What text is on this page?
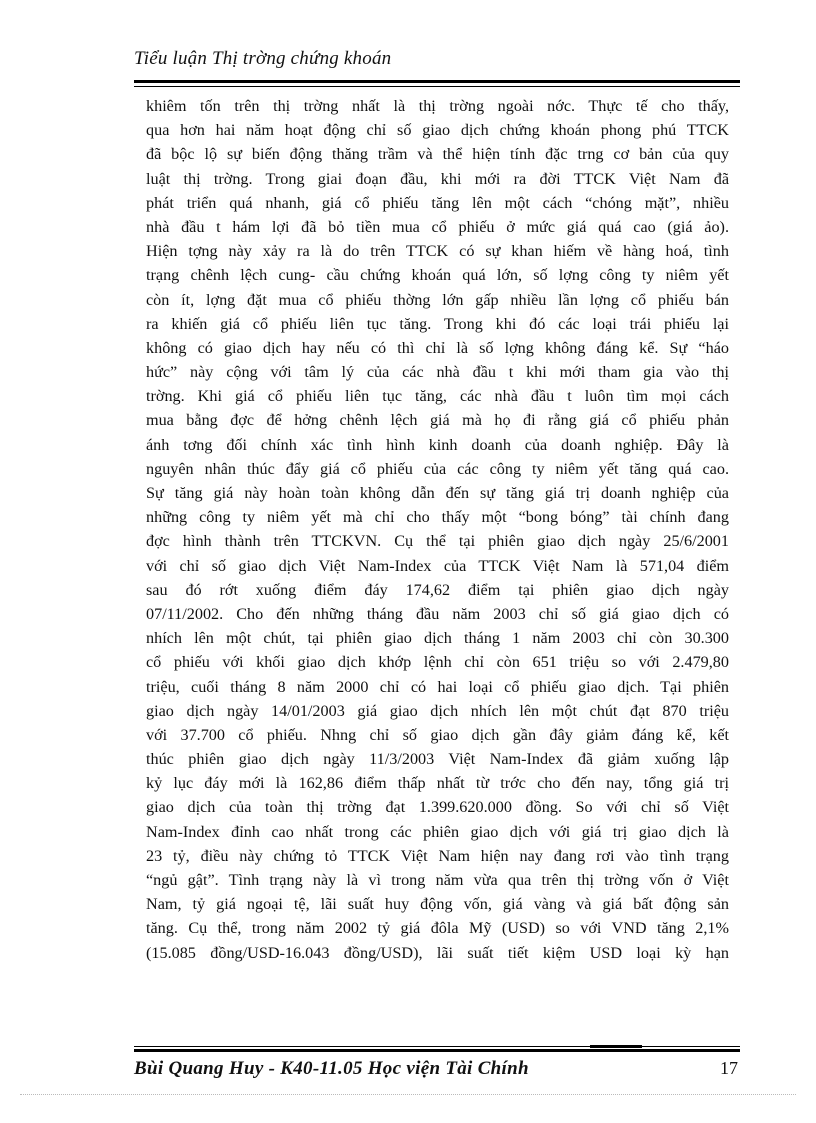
Tiểu luận Thị trờng chứng khoán
khiêm tốn trên thị trờng nhất là thị trờng ngoài nớc. Thực tế cho thấy,
qua hơn hai năm hoạt động chỉ số giao dịch chứng khoán phong phú TTCK
đã bộc lộ sự biến động thăng trầm và thể hiện tính đặc trng cơ bản của quy
luật thị trờng. Trong giai đoạn đầu, khi mới ra đời TTCK Việt Nam đã
phát triển quá nhanh, giá cổ phiếu tăng lên một cách “chóng mặt”, nhiều
nhà đầu t hám lợi đã bỏ tiền mua cổ phiếu ở mức giá quá cao (giá ảo).
Hiện tợng này xảy ra là do trên TTCK có sự khan hiếm về hàng hoá, tình
trạng chênh lệch cung- cầu chứng khoán quá lớn, số lợng công ty niêm yết
còn ít, lợng đặt mua cổ phiếu thờng lớn gấp nhiều lần lợng cổ phiếu bán
ra khiến giá cổ phiếu liên tục tăng. Trong khi đó các loại trái phiếu lại
không có giao dịch hay nếu có thì chỉ là số lợng không đáng kể. Sự “háo
hức” này cộng với tâm lý của các nhà đầu t khi mới tham gia vào thị
trờng. Khi giá cổ phiếu liên tục tăng, các nhà đầu t luôn tìm mọi cách
mua bằng đợc để hởng chênh lệch giá mà họ đi rằng giá cổ phiếu phản
ánh tơng đối chính xác tình hình kinh doanh của doanh nghiệp. Đây là
nguyên nhân thúc đẩy giá cổ phiếu của các công ty niêm yết tăng quá cao.
Sự tăng giá này hoàn toàn không dẫn đến sự tăng giá trị doanh nghiệp của
những công ty niêm yết mà chỉ cho thấy một “bong bóng” tài chính đang
đợc hình thành trên TTCKVN. Cụ thể tại phiên giao dịch ngày 25/6/2001
với chỉ số giao dịch Việt Nam-Index của TTCK Việt Nam là 571,04 điểm
sau đó rớt xuống điểm đáy 174,62 điểm tại phiên giao dịch ngày
07/11/2002. Cho đến những tháng đầu năm 2003 chỉ số giá giao dịch có
nhích lên một chút, tại phiên giao dịch tháng 1 năm 2003 chỉ còn 30.300
cổ phiếu với khối giao dịch khớp lệnh chỉ còn 651 triệu so với 2.479,80
triệu, cuối tháng 8 năm 2000 chỉ có hai loại cổ phiếu giao dịch. Tại phiên
giao dịch ngày 14/01/2003 giá giao dịch nhích lên một chút đạt 870 triệu
với 37.700 cổ phiếu. Nhng chỉ số giao dịch gần đây giảm đáng kể, kết
thúc phiên giao dịch ngày 11/3/2003 Việt Nam-Index đã giảm xuống lập
kỷ lục đáy mới là 162,86 điểm thấp nhất từ trớc cho đến nay, tổng giá trị
giao dịch của toàn thị trờng đạt 1.399.620.000 đồng. So với chỉ số Việt
Nam-Index đỉnh cao nhất trong các phiên giao dịch với giá trị giao dịch là
23 tỷ, điều này chứng tỏ TTCK Việt Nam hiện nay đang rơi vào tình trạng
“ngủ gật”. Tình trạng này là vì trong năm vừa qua trên thị trờng vốn ở Việt
Nam, tỷ giá ngoại tệ, lãi suất huy động vốn, giá vàng và giá bất động sản
tăng. Cụ thể, trong năm 2002 tỷ giá đôla Mỹ (USD) so với VND tăng 2,1%
(15.085 đồng/USD-16.043 đồng/USD), lãi suất tiết kiệm USD loại kỳ hạn
Bùi Quang Huy - K40-11.05 Học viện Tài Chính	17
